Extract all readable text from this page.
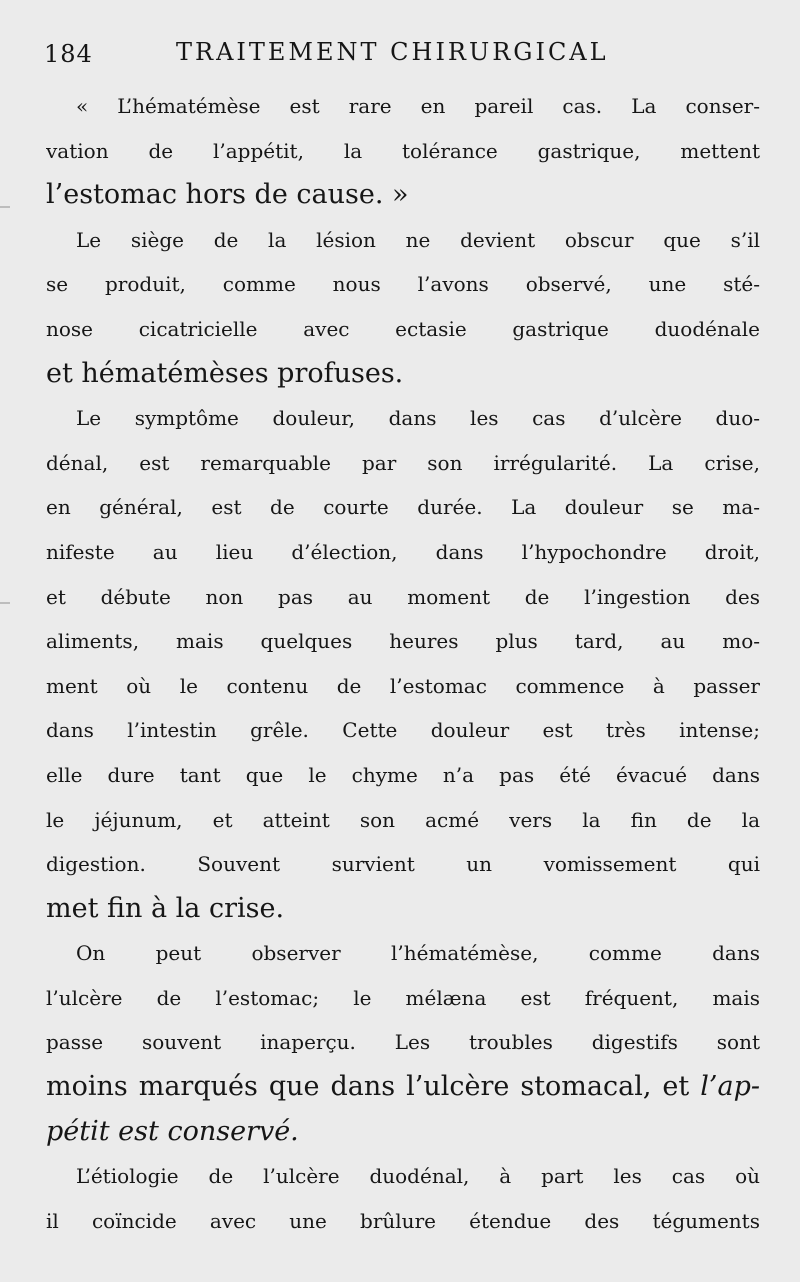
184	TRAITEMENT CHIRURGICAL
« L’hématémèse est rare en pareil cas. La conser-
vation de l’appétit, la tolérance gastrique, mettent
l’estomac hors de cause. »
Le siège de la lésion ne devient obscur que s’il
se produit, comme nous l’avons observé, une sté-
nose cicatricielle avec ectasie gastrique duodénale
et hématémèses profuses.
Le symptôme douleur, dans les cas d’ulcère duo-
dénal, est remarquable par son irrégularité. La crise,
en général, est de courte durée. La douleur se ma-
nifeste au lieu d’élection, dans l’hypochondre droit,
et débute non pas au moment de l’ingestion des
aliments, mais quelques heures plus tard, au mo-
ment où le contenu de l’estomac commence à passer
dans l’intestin grêle. Cette douleur est très intense;
elle dure tant que le chyme n’a pas été évacué dans
le jéjunum, et atteint son acmé vers la fin de la
digestion. Souvent survient un vomissement qui
met fin à la crise.
On peut observer l’hématémèse, comme dans
l’ulcère de l’estomac; le mélæna est fréquent, mais
passe souvent inaperçu. Les troubles digestifs sont
moins marqués que dans l’ulcère stomacal, et l’ap-
pétit est conservé.
L’étiologie de l’ulcère duodénal, à part les cas où
il coïncide avec une brûlure étendue des téguments
